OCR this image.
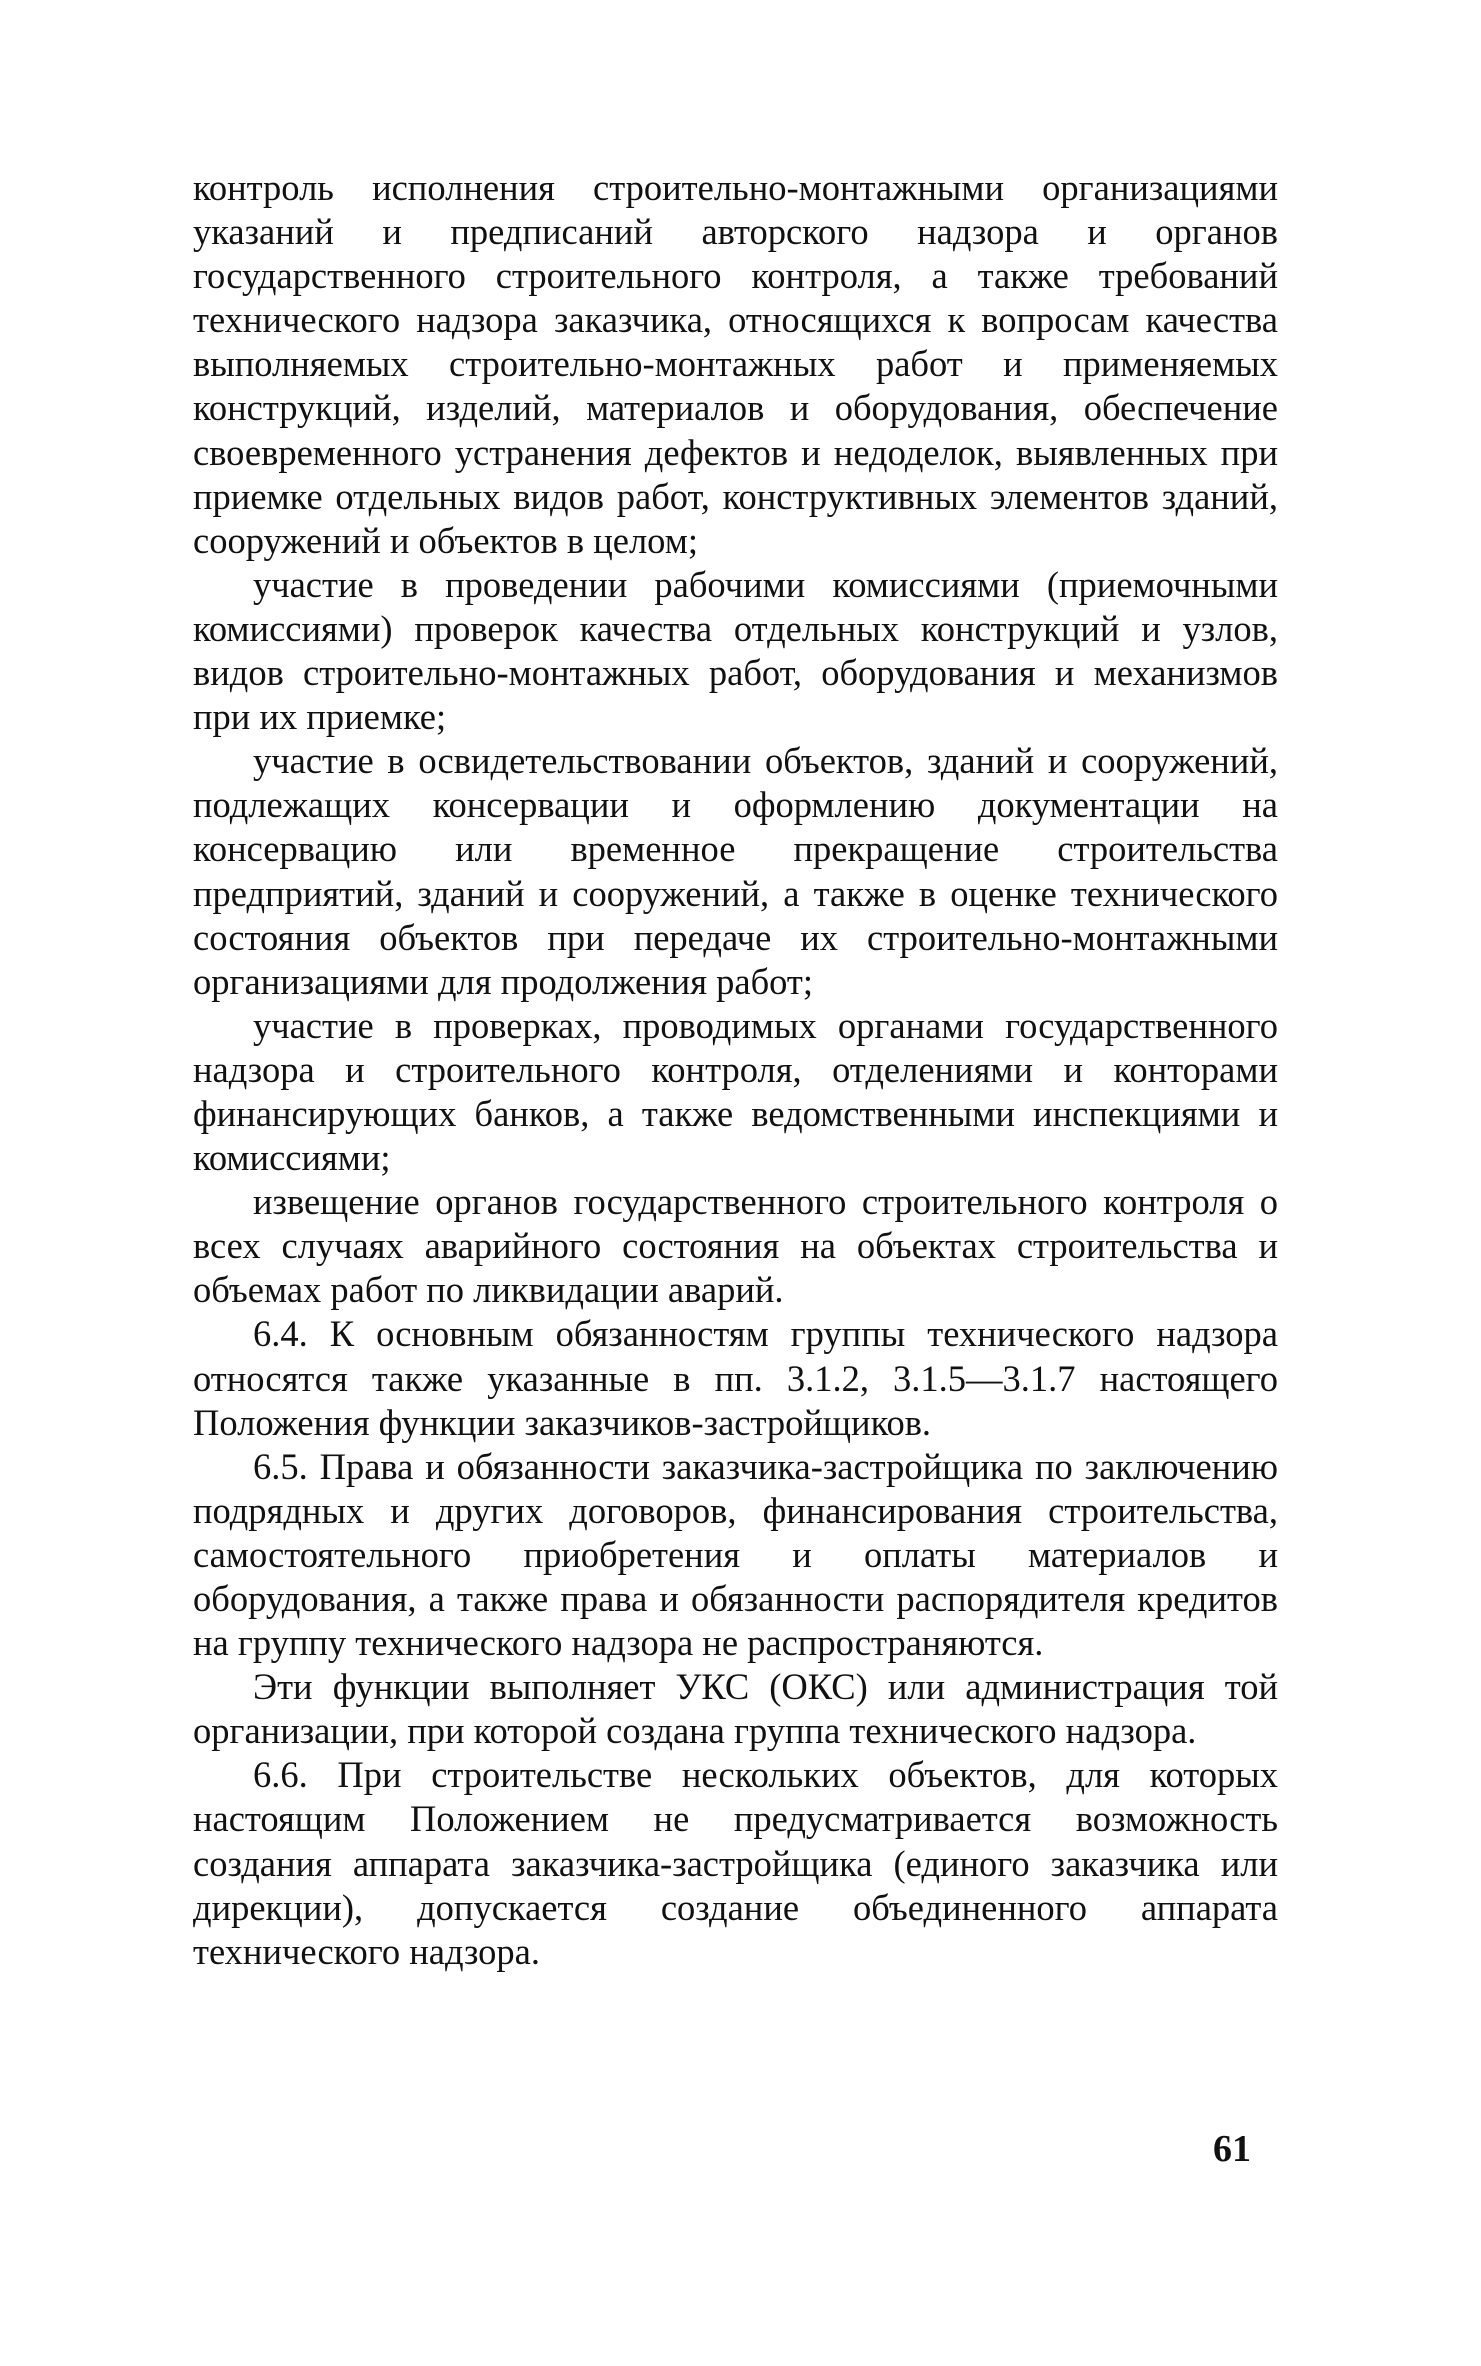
контроль исполнения строительно-монтажными организациями указаний и предписаний авторского надзора и органов государственного строительного контроля, а также требований технического надзора заказчика, относящихся к вопросам качества выполняемых строительно-монтажных работ и применяемых конструкций, изделий, материалов и оборудования, обеспечение своевременного устранения дефектов и недоделок, выявленных при приемке отдельных видов работ, конструктивных элементов зданий, сооружений и объектов в целом;

участие в проведении рабочими комиссиями (приемочными комиссиями) проверок качества отдельных конструкций и узлов, видов строительно-монтажных работ, оборудования и механизмов при их приемке;

участие в освидетельствовании объектов, зданий и сооружений, подлежащих консервации и оформлению документации на консервацию или временное прекращение строительства предприятий, зданий и сооружений, а также в оценке технического состояния объектов при передаче их строительно-монтажными организациями для продолжения работ;

участие в проверках, проводимых органами государственного надзора и строительного контроля, отделениями и конторами финансирующих банков, а также ведомственными инспекциями и комиссиями;

извещение органов государственного строительного контроля о всех случаях аварийного состояния на объектах строительства и объемах работ по ликвидации аварий.

6.4. К основным обязанностям группы технического надзора относятся также указанные в пп. 3.1.2, 3.1.5—3.1.7 настоящего Положения функции заказчиков-застройщиков.

6.5. Права и обязанности заказчика-застройщика по заключению подрядных и других договоров, финансирования строительства, самостоятельного приобретения и оплаты материалов и оборудования, а также права и обязанности распорядителя кредитов на группу технического надзора не распространяются.

Эти функции выполняет УКС (ОКС) или администрация той организации, при которой создана группа технического надзора.

6.6. При строительстве нескольких объектов, для которых настоящим Положением не предусматривается возможность создания аппарата заказчика-застройщика (единого заказчика или дирекции), допускается создание объединенного аппарата технического надзора.

61
